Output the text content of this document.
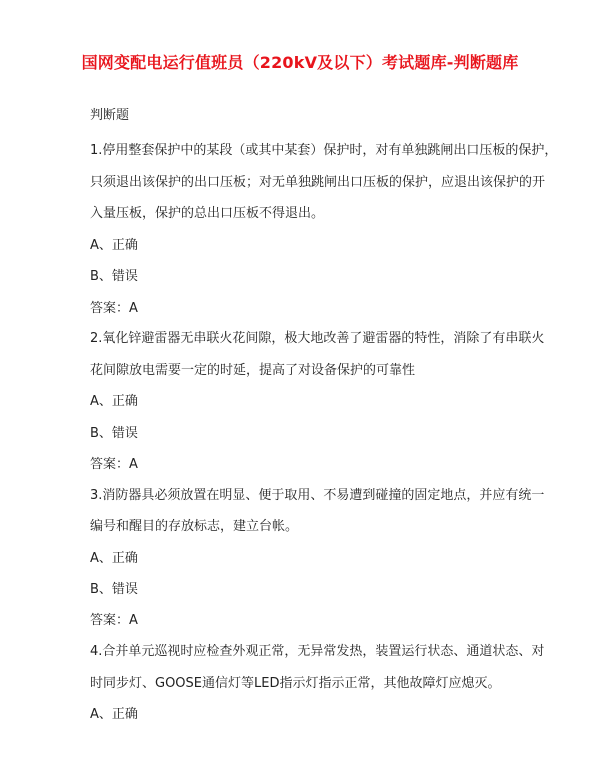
国网变配电运行值班员（220kV及以下）考试题库-判断题库
判断题
1.停用整套保护中的某段（或其中某套）保护时，对有单独跳闸出口压板的保护，
只须退出该保护的出口压板；对无单独跳闸出口压板的保护，应退出该保护的开
入量压板，保护的总出口压板不得退出。
A、正确
B、错误
答案：A
2.氧化锌避雷器无串联火花间隙，极大地改善了避雷器的特性，消除了有串联火
花间隙放电需要一定的时延，提高了对设备保护的可靠性
A、正确
B、错误
答案：A
3.消防器具必须放置在明显、便于取用、不易遭到碰撞的固定地点，并应有统一
编号和醒目的存放标志，建立台帐。
A、正确
B、错误
答案：A
4.合并单元巡视时应检查外观正常，无异常发热，装置运行状态、通道状态、对
时同步灯、GOOSE通信灯等LED指示灯指示正常，其他故障灯应熄灭。
A、正确
